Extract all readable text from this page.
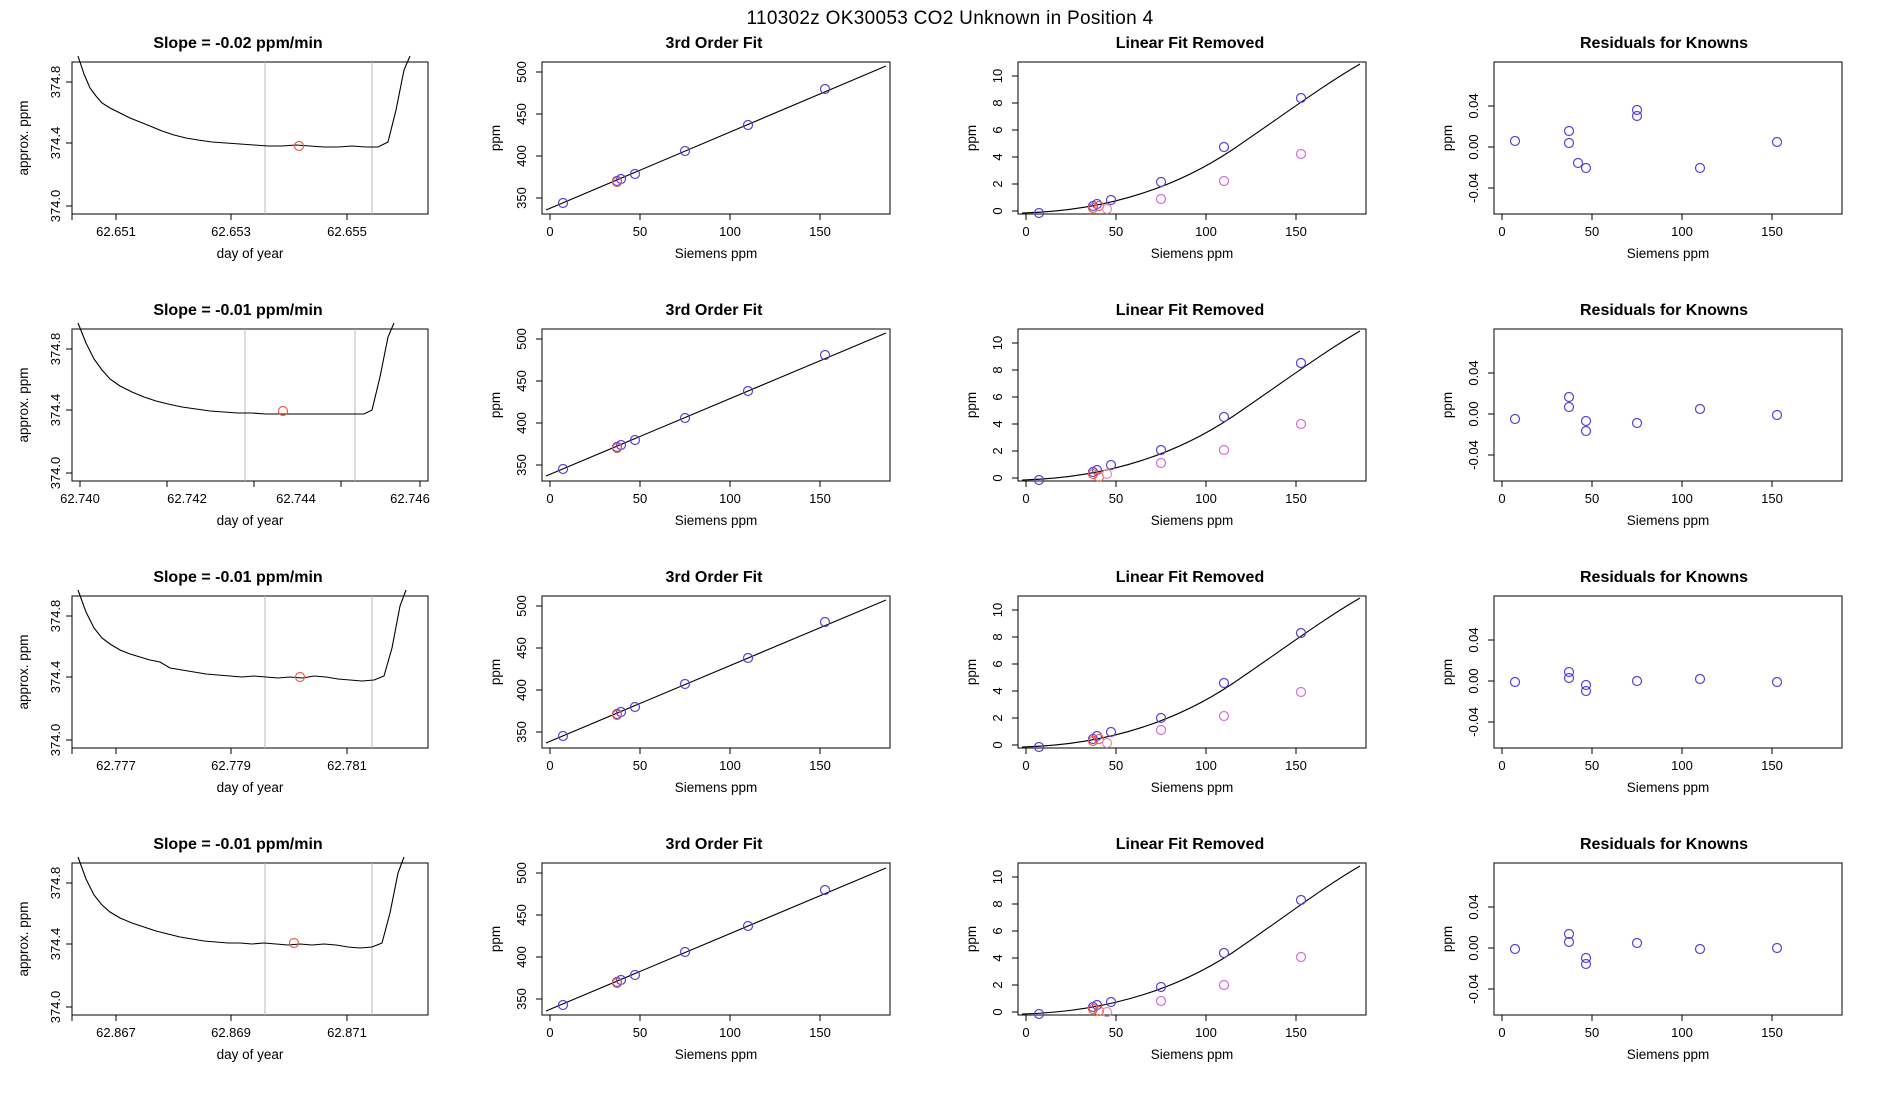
110302z OK30053 CO2 Unknown in Position 4
Slope = -0.02 ppm/min
62.651	62.653	62.655
374.0
374.4
374.8
day of year
approx. ppm
3rd Order Fit
350
400
450
500
0	50	100	150
Siemens ppm
ppm
Linear Fit Removed
0
2
4
6
8
10
0	50	100	150
Siemens ppm
ppm
Residuals for Knowns
-0.04
0.00
0.04
0	50	100	150
Siemens ppm
ppm
Slope = -0.01 ppm/min
62.740	62.742	62.744	62.746
374.0
374.4
374.8
day of year
approx. ppm
3rd Order Fit
350
400
450
500
0	50	100	150
Siemens ppm
ppm
Linear Fit Removed
0
2
4
6
8
10
0	50	100	150
Siemens ppm
ppm
Residuals for Knowns
-0.04
0.00
0.04
0	50	100	150
Siemens ppm
ppm
Slope = -0.01 ppm/min
62.777	62.779	62.781
374.0
374.4
374.8
day of year
approx. ppm
3rd Order Fit
350
400
450
500
0	50	100	150
Siemens ppm
ppm
Linear Fit Removed
0
2
4
6
8
10
0	50	100	150
Siemens ppm
ppm
Residuals for Knowns
-0.04
0.00
0.04
0	50	100	150
Siemens ppm
ppm
Slope = -0.01 ppm/min
62.867	62.869	62.871
374.0
374.4
374.8
day of year
approx. ppm
3rd Order Fit
350
400
450
500
0	50	100	150
Siemens ppm
ppm
Linear Fit Removed
0
2
4
6
8
10
0	50	100	150
Siemens ppm
ppm
Residuals for Knowns
-0.04
0.00
0.04
0	50	100	150
Siemens ppm
ppm
